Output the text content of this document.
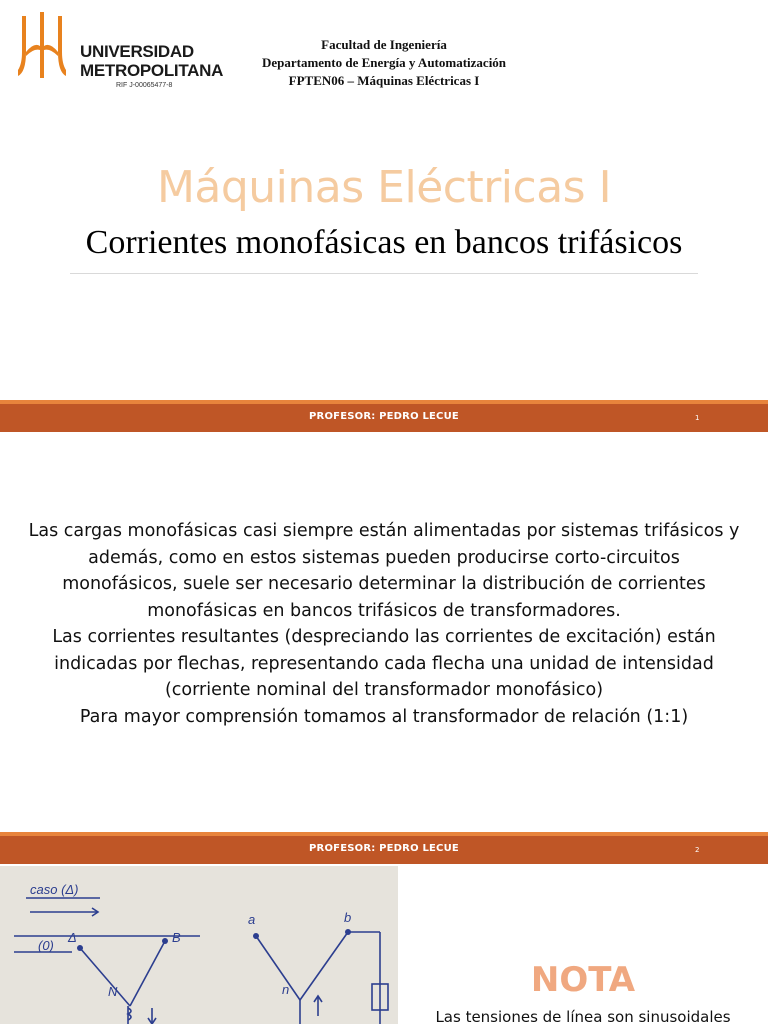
UNIVERSIDAD
METROPOLITANA
RIF J-00065477-8
Facultad de Ingeniería
Departamento de Energía y Automatización
FPTEN06 – Máquinas Eléctricas I
Máquinas Eléctricas I
Corrientes monofásicas en bancos trifásicos
PROFESOR: PEDRO LECUE	1
Las cargas monofásicas casi siempre están alimentadas por sistemas trifásicos y
además, como en estos sistemas pueden producirse corto-circuitos
monofásicos, suele ser necesario determinar la distribución de corrientes
monofásicas en bancos trifásicos de transformadores.
Las corrientes resultantes (despreciando las corrientes de excitación) están
indicadas por flechas, representando cada flecha una unidad de intensidad
(corriente nominal del transformador monofásico)
Para mayor comprensión tomamos al transformador de relación (1:1)
PROFESOR: PEDRO LECUE	2
caso (Δ)
(0)
Δ	B
N
a	b
n	NOTA
Las tensiones de línea son sinusoidales
